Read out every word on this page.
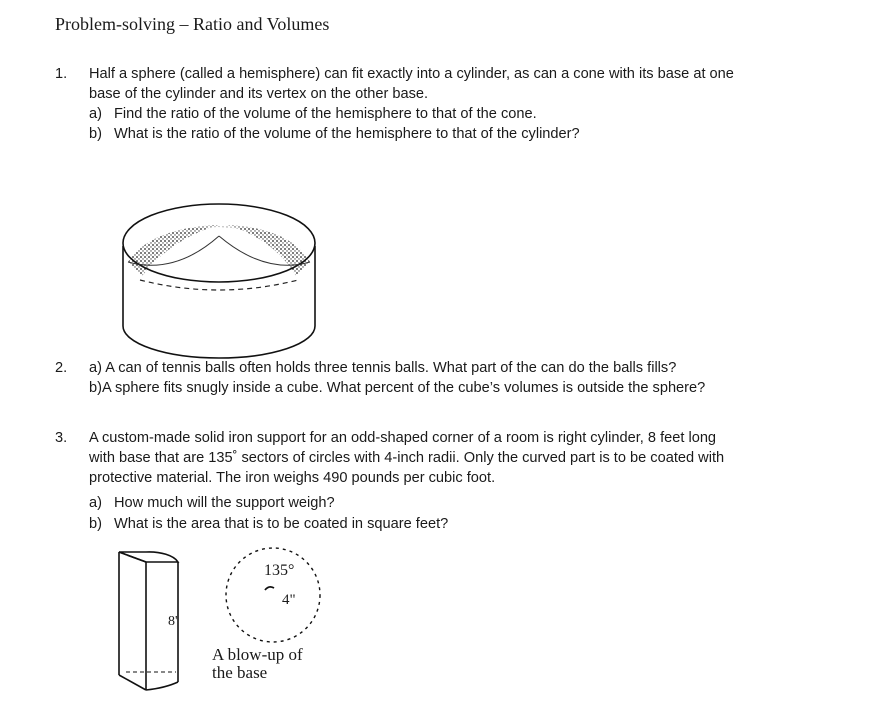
Problem-solving – Ratio and Volumes
1. Half a sphere (called a hemisphere) can fit exactly into a cylinder, as can a cone with its base at one
base of the cylinder and its vertex on the other base.
a) Find the ratio of the volume of the hemisphere to that of the cone.
b) What is the ratio of the volume of the hemisphere to that of the cylinder?
2. a) A can of tennis balls often holds three tennis balls. What part of the can do the balls fills?
b)A sphere fits snugly inside a cube. What percent of the cube’s volumes is outside the sphere?
3. A custom-made solid iron support for an odd-shaped corner of a room is right cylinder, 8 feet long
with base that are 135˚ sectors of circles with 4-inch radii. Only the curved part is to be coated with
protective material. The iron weighs 490 pounds per cubic foot.
a) How much will the support weigh?
b) What is the area that is to be coated in square feet?
8'
135°
4"
A blow-up of
the base
